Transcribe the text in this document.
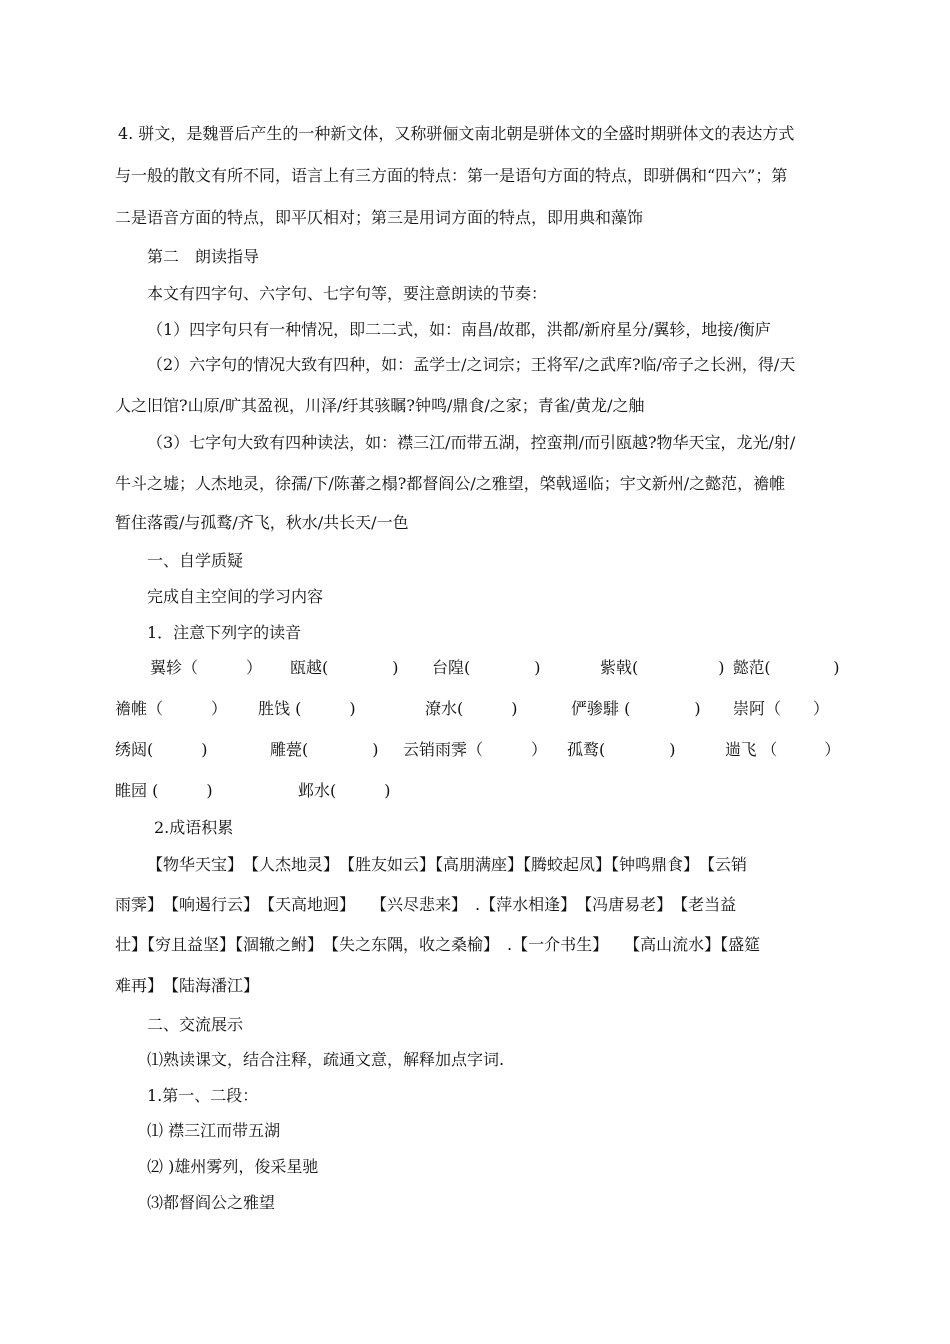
4. 骈文，是魏晋后产生的一种新文体，又称骈俪文南北朝是骈体文的全盛时期骈体文的表达方式
与一般的散文有所不同，语言上有三方面的特点：第一是语句方面的特点，即骈偶和“四六”；第
二是语音方面的特点，即平仄相对；第三是用词方面的特点，即用典和藻饰
第二　朗读指导
本文有四字句、六字句、七字句等，要注意朗读的节奏：
（1）四字句只有一种情况，即二二式，如：南昌/故郡，洪都/新府星分/翼轸，地接/衡庐
（2）六字句的情况大致有四种，如：孟学士/之词宗；王将军/之武库?临/帝子之长洲，得/天
人之旧馆?山原/旷其盈视，川泽/纡其骇瞩?钟鸣/鼎食/之家；青雀/黄龙/之舳
（3）七字句大致有四种读法，如：襟三江/而带五湖，控蛮荆/而引瓯越?物华天宝，龙光/射/
牛斗之墟；人杰地灵，徐孺/下/陈蕃之榻?都督阎公/之雅望，棨戟遥临；宇文新州/之懿范，襜帷
暂住落霞/与孤鹜/齐飞，秋水/共长天/一色
一、自学质疑
完成自主空间的学习内容
1．注意下列字的读音
翼轸（　　　） 瓯越(　　　　) 台隍(　　　　)	紫戟(　　　　　) 懿范(　　　　)
襜帷（　　　） 胜饯 (　　　)	潦水(　　　)	俨骖騑 (　　　　) 崇阿（　　）
绣闼(　　　)	雕甍(　　　　) 云销雨霁（　　　） 孤鹜(　　　　)	遄飞 （　　　）
睢园 (　　　)	邺水(　　　)
2.成语积累
【物华天宝】　【人杰地灵】　【胜友如云】【高朋满座】【腾蛟起凤】【钟鸣鼎食】　【云销
雨霁】　【响遏行云】　【天高地迥】　　【兴尽悲来】　.【萍水相逢】　【冯唐易老】　【老当益
壮】【穷且益坚】【涸辙之鲋】　【失之东隅，收之桑榆】　.【一介书生】　　【高山流水】【盛筵
难再】　【陆海潘江】
二、交流展示
⑴熟读课文，结合注释，疏通文意，解释加点字词.
1.第一、二段：
⑴ 襟三江而带五湖
⑵ )雄州雾列，俊采星驰
⑶都督阎公之雅望
